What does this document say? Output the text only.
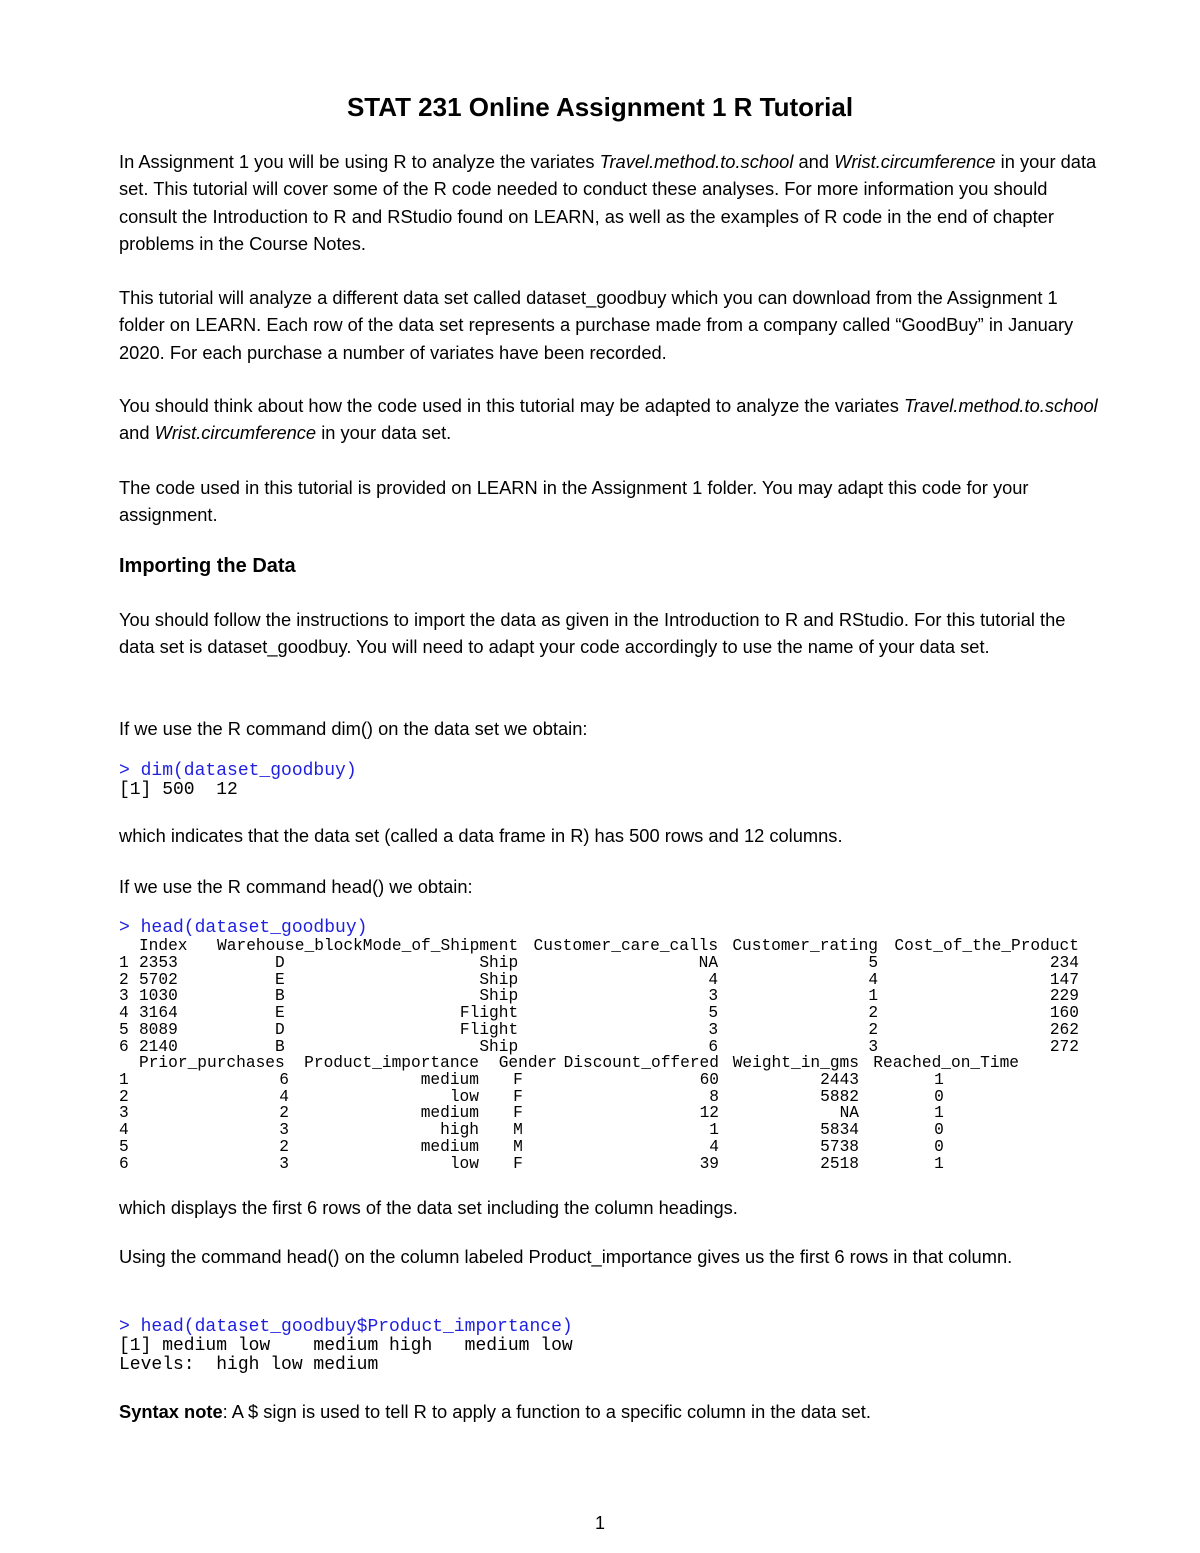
STAT 231 Online Assignment 1 R Tutorial

In Assignment 1 you will be using R to analyze the variates Travel.method.to.school and Wrist.circumference in your data set. This tutorial will cover some of the R code needed to conduct these analyses. For more information you should consult the Introduction to R and RStudio found on LEARN, as well as the examples of R code in the end of chapter problems in the Course Notes.

This tutorial will analyze a different data set called dataset_goodbuy which you can download from the Assignment 1 folder on LEARN. Each row of the data set represents a purchase made from a company called “GoodBuy” in January 2020. For each purchase a number of variates have been recorded.

You should think about how the code used in this tutorial may be adapted to analyze the variates Travel.method.to.school and Wrist.circumference in your data set.

The code used in this tutorial is provided on LEARN in the Assignment 1 folder. You may adapt this code for your assignment.

Importing the Data

You should follow the instructions to import the data as given in the Introduction to R and RStudio. For this tutorial the data set is dataset_goodbuy. You will need to adapt your code accordingly to use the name of your data set.

If we use the R command dim() on the data set we obtain:

> dim(dataset_goodbuy)
[1] 500  12

which indicates that the data set (called a data frame in R) has 500 rows and 12 columns.

If we use the R command head() we obtain:

> head(dataset_goodbuy)
	Index	Warehouse_block	Mode_of_Shipment	Customer_care_calls	Customer_rating	Cost_of_the_Product
1	2353	D	Ship	NA	5	234
2	5702	E	Ship	4	4	147
3	1030	B	Ship	3	1	229
4	3164	E	Flight	5	2	160
5	8089	D	Flight	3	2	262
6	2140	B	Ship	6	3	272
	Prior_purchases	Product_importance	Gender	Discount_offered	Weight_in_gms	Reached_on_Time
1	6	medium	F	60	2443	1
2	4	low	F	8	5882	0
3	2	medium	F	12	NA	1
4	3	high	M	1	5834	0
5	2	medium	M	4	5738	0
6	3	low	F	39	2518	1

which displays the first 6 rows of the data set including the column headings.

Using the command head() on the column labeled Product_importance gives us the first 6 rows in that column.

> head(dataset_goodbuy$Product_importance)
[1] medium low    medium high   medium low
Levels:  high low medium

Syntax note: A $ sign is used to tell R to apply a function to a specific column in the data set.

1
